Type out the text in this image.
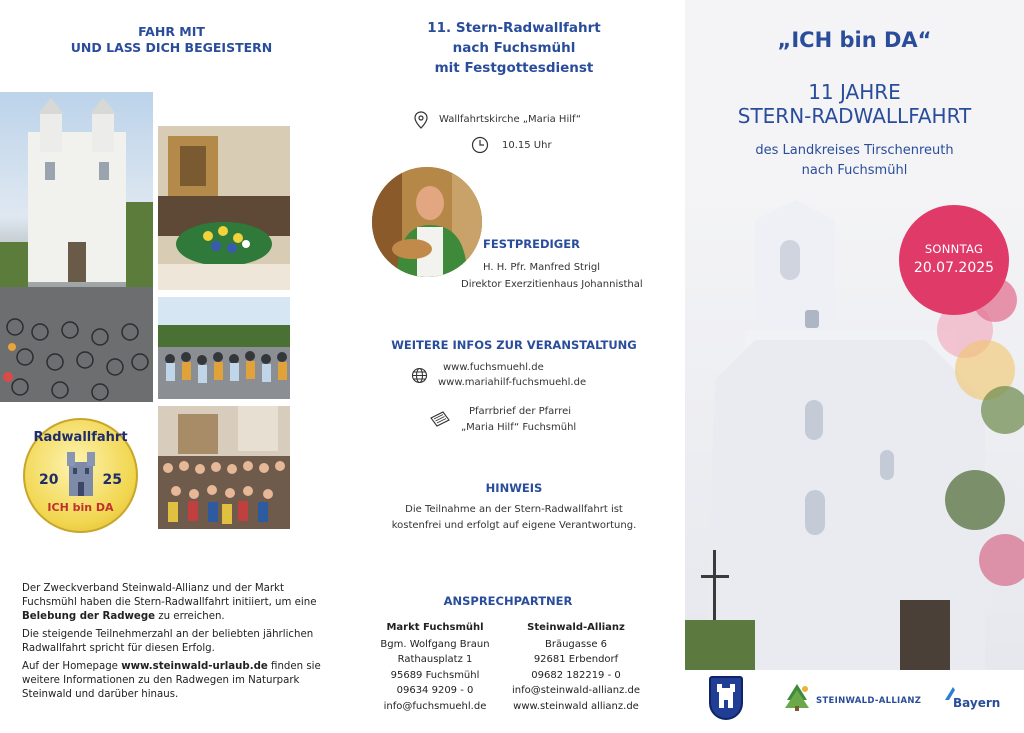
FAHR MIT
UND LASS DICH BEGEISTERN
Radwallfahrt
20	25
ICH bin DA

Der Zweckverband Steinwald-Allianz und der Markt Fuchsmühl haben die Stern-Radwallfahrt initiiert, um eine Belebung der Radwege zu erreichen.

Die steigende Teilnehmerzahl an der beliebten jährlichen Radwallfahrt spricht für diesen Erfolg.

Auf der Homepage www.steinwald-urlaub.de finden sie weitere Informationen zu den Radwegen im Naturpark Steinwald und darüber hinaus.

11. Stern-Radwallfahrt
nach Fuchsmühl
mit Festgottesdienst
Wallfahrtskirche „Maria Hilf“
10.15 Uhr
FESTPREDIGER
H. H. Pfr. Manfred Strigl
Direktor Exerzitienhaus Johannisthal
WEITERE INFOS ZUR VERANSTALTUNG
www.fuchsmuehl.de
www.mariahilf-fuchsmuehl.de
Pfarrbrief der Pfarrei
„Maria Hilf“ Fuchsmühl
HINWEIS
Die Teilnahme an der Stern-Radwallfahrt ist
kostenfrei und erfolgt auf eigene Verantwortung.
ANSPRECHPARTNER
Markt Fuchsmühl
Bgm. Wolfgang Braun
Rathausplatz 1
95689 Fuchsmühl
09634 9209 - 0
info@fuchsmuehl.de
Steinwald-Allianz
Bräugasse 6
92681 Erbendorf
09682 182219 - 0
info@steinwald-allianz.de
www.steinwald allianz.de
„ICH bin DA“
11 JAHRE
STERN-RADWALLFAHRT
des Landkreises Tirschenreuth
nach Fuchsmühl
SONNTAG
20.07.2025
STEINWALD-ALLIANZ	Bayern
